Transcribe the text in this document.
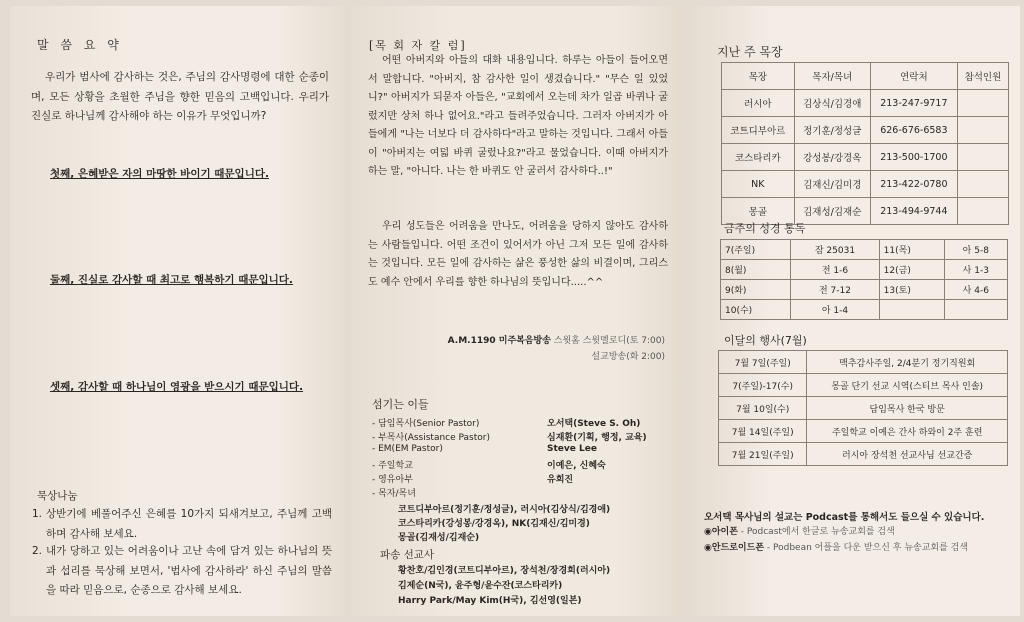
말 씀 요 약
우리가 범사에 감사하는 것은, 주님의 감사명령에 대한 순종이며, 모든 상황을 초월한 주님을 향한 믿음의 고백입니다. 우리가 진실로 하나님께 감사해야 하는 이유가 무엇입니까?
첫째, 은혜받은 자의 마땅한 바이기 때문입니다.
둘째, 진실로 감사할 때 최고로 행복하기 때문입니다.
셋째, 감사할 때 하나님이 영광을 받으시기 때문입니다.
묵상나눔
1. 상반기에 베풀어주신 은혜를 10가지 되새겨보고, 주님께 고백하며 감사해 보세요.
2. 내가 당하고 있는 어려움이나 고난 속에 담겨 있는 하나님의 뜻과 섭리를 묵상해 보면서, '범사에 감사하라' 하신 주님의 말씀을 따라 믿음으로, 순종으로 감사해 보세요.
[목 회 자 칼 럼]
어떤 아버지와 아들의 대화 내용입니다. 하루는 아들이 들어오면서 말합니다. "아버지, 참 감사한 일이 생겼습니다." "무슨 일 있었니?" 아버지가 되묻자 아들은, "교회에서 오는데 차가 일곱 바퀴나 굴렀지만 상처 하나 없어요."라고 들려주었습니다. 그러자 아버지가 아들에게 "나는 너보다 더 감사하다"라고 말하는 것입니다. 그래서 아들이 "아버지는 여덟 바퀴 굴렀나요?"라고 물었습니다. 이때 아버지가 하는 말, "아니다. 나는 한 바퀴도 안 굴러서 감사하다..!"
우리 성도들은 어려움을 만나도, 어려움을 당하지 않아도 감사하는 사람들입니다. 어떤 조건이 있어서가 아닌 그저 모든 일에 감사하는 것입니다. 모든 일에 감사하는 삶은 풍성한 삶의 비결이며, 그리스도 예수 안에서 우리를 향한 하나님의 뜻입니다.....^^
A.M.1190 미주복음방송 스윗홈 스윗멜로디(토 7:00)
설교방송(화 2:00)
섬기는 이들
- 담임목사(Senior Pastor)	오서택(Steve S. Oh)
- 부목사(Assistance Pastor)	심재환(기획, 행정, 교육)
- EM(EM Pastor)	Steve Lee
- 주일학교	이예은, 신혜숙
- 영유아부	유희진
- 목자/목녀
코트디부아르(정기훈/정성글), 러시아(김상식/김경애)
코스타리카(강성봉/강경옥), NK(김재신/김미경)
몽골(김재성/김재순)
파송 선교사
황찬호/김인경(코트디부아르), 장석천/장경희(러시아)
김제순(N국), 윤주형/윤수잔(코스타리카)
Harry Park/May Kim(H국), 김선영(일본)
지난 주 목장
목장	목자/목녀	연락처	참석인원
러시아	김상식/김경애	213-247-9717	
코트디부아르	정기훈/정성글	626-676-6583	
코스타리카	강성봉/강경옥	213-500-1700	
NK	김재신/김미경	213-422-0780	
몽골	김재성/김재순	213-494-9744	
금주의 성경 통독
7(주일)	잠 25031	11(목)	아 5-8
8(월)	전 1-6	12(금)	사 1-3
9(화)	전 7-12	13(토)	사 4-6
10(수)	아 1-4		
이달의 행사(7월)
7월 7일(주일)	맥추감사주일, 2/4분기 정기직원회
7(주일)-17(수)	몽골 단기 선교 시역(스티브 목사 인솔)
7월 10일(수)	담임목사 한국 방문
7월 14일(주일)	주일학교 이예은 간사 하와이 2주 훈련
7월 21일(주일)	러시아 장석천 선교사님 선교간증
오서택 목사님의 설교는 Podcast를 통해서도 들으실 수 있습니다.
◉아이폰 - Podcast에서 한글로 뉴송교회를 검색
◉안드로이드폰 - Podbean 어플을 다운 받으신 후 뉴송교회를 검색
